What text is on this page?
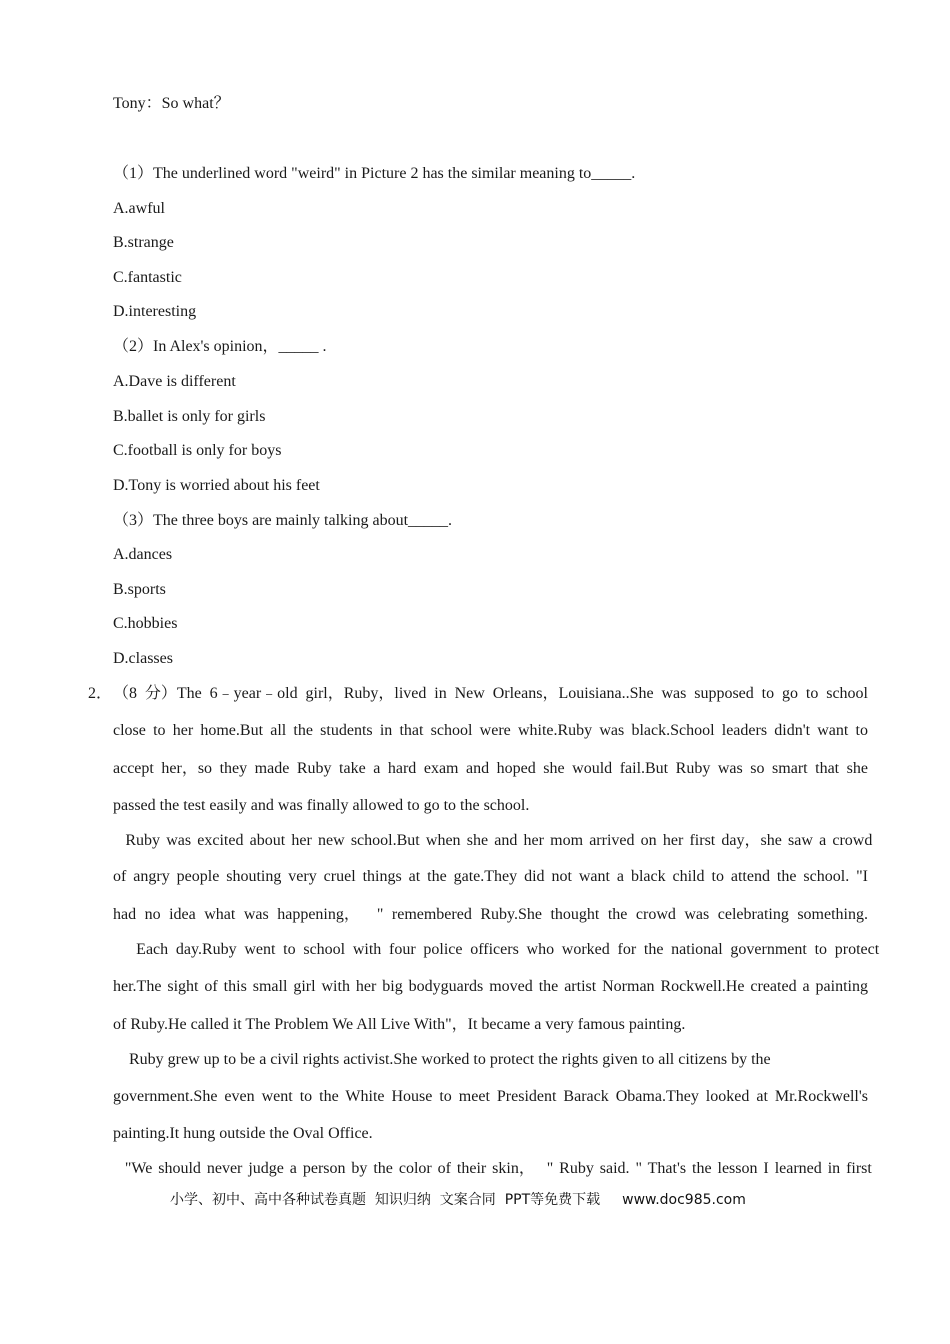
Tony：So what？
（1）The underlined word "weird" in Picture 2 has the similar meaning to_____.
A.awful
B.strange
C.fantastic
D.interesting
（2）In Alex's opinion，_____ .
A.Dave is different
B.ballet is only for girls
C.football is only for boys
D.Tony is worried about his feet
（3）The three boys are mainly talking about_____.
A.dances
B.sports
C.hobbies
D.classes
2． （8 分）The 6﹣year﹣old girl，Ruby，lived in New Orleans，Louisiana..She was supposed to go to school
close to her home.But all the students in that school were white.Ruby was black.School leaders didn't want to
accept her，so they made Ruby take a hard exam and hoped she would fail.But Ruby was so smart that she
passed the test easily and was finally allowed to go to the school.
Ruby was excited about her new school.But when she and her mom arrived on her first day，she saw a crowd
of angry people shouting very cruel things at the gate.They did not want a black child to attend the school. "I
had no idea what was happening，  " remembered Ruby.She thought the crowd was celebrating something.
Each day.Ruby went to school with four police officers who worked for the national government to protect
her.The sight of this small girl with her big bodyguards moved the artist Norman Rockwell.He created a painting
of Ruby.He called it The Problem We All Live With"，It became a very famous painting.
Ruby grew up to be a civil rights activist.She worked to protect the rights given to all citizens by the
government.She even went to the White House to meet President Barack Obama.They looked at Mr.Rockwell's
painting.It hung outside the Oval Office.
"We should never judge a person by the color of their skin，  " Ruby said. " That's the lesson I learned in first
小学、初中、高中各种试卷真题  知识归纳  文案合同  PPT等免费下载 www.doc985.com
